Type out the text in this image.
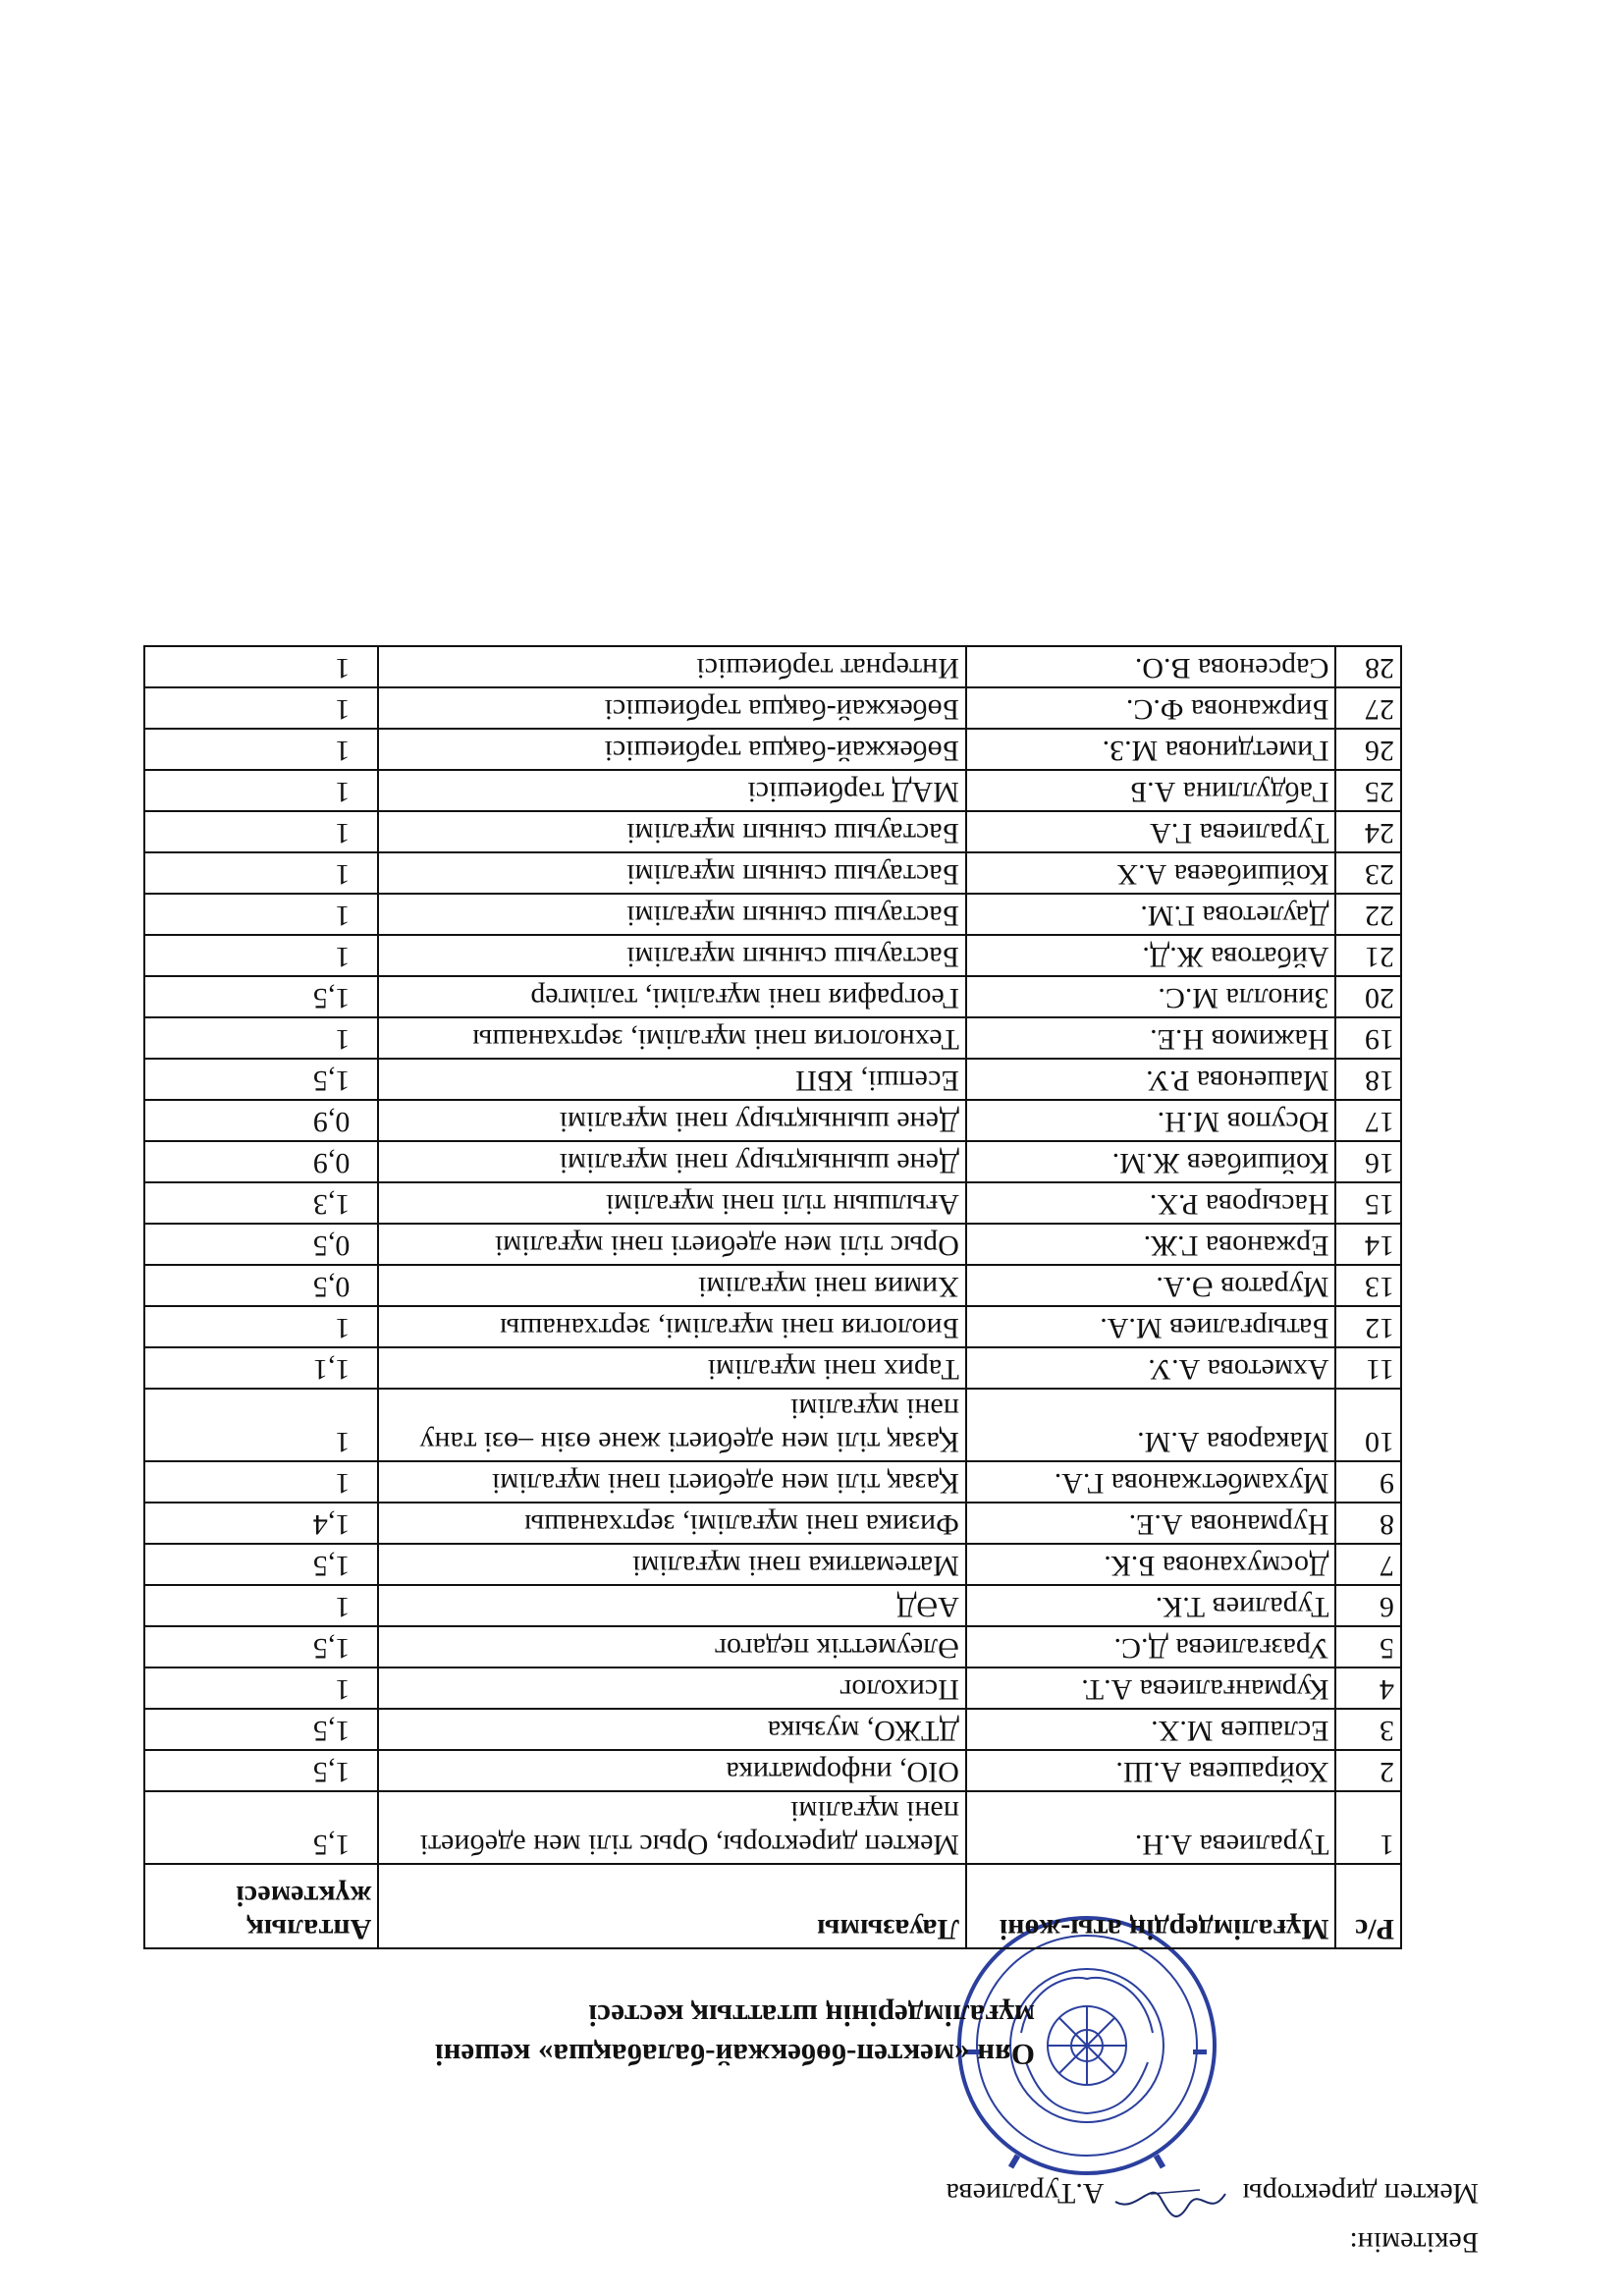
Бекітемін:
Мектеп директоры  А.Туралиева
Оян «мектеп-бөбекжай-балабақша» кешені
мұғалімдерінің штаттық кестесі
Р/с	Мұғалімдердің аты-жөні	Лауазымы	Апталық жүктемесі
1	Туралиева А.Н.	Мектеп директоры, Орыс тілі мен әдебиеті пәні мұғалімі	1,5
2	Хойрашева А.Ш.	ОІО, информатика	1,5
3	Еслашев М.Х.	ДТЖО, музыка	1,5
4	Курманғалиева А.Т.	Психолог	1
5	Уразғалиева Д.С.	Әлеуметтік педагог	1,5
6	Туралиев Т.К.	АӘД	1
7	Досмуханова Б.К.	Математика пәні мұғалімі	1,5
8	Нурманова А.Е.	Физика пәні мұғалімі, зертханашы	1,4
9	Мухамбетжанова Г.А.	Қазақ тілі мен әдебиеті пәні мұғалімі	1
10	Макарова А.М.	Қазақ тілі мен әдебиеті және өзін –өзі тану пәні мұғалімі	1
11	Ахметова А.У.	Тарих пәні мұғалімі	1,1
12	Батырғалиев М.А.	Биология пәні мұғалімі, зертханашы	1
13	Муратов Ә.А.	Химия пәні мұғалімі	0,5
14	Ержанова Г.Ж.	Орыс тілі мен әдебиеті пәні мұғалімі	0,5
15	Насырова Р.Х.	Ағылшын тілі пәні мұғалімі	1,3
16	Койшибаев Ж.М.	Дене шынықтыру пәні мұғалімі	0,9
17	Юсупов М.Н.	Дене шынықтыру пәні мұғалімі	0,9
18	Машенова Р.У.	Есепші, КБП	1,5
19	Нажимов Н.Е.	Технология пәні мұғалімі, зертханашы	1
20	Зинолла М.С.	География пәні мұғалімі, тәлімгер	1,5
21	Айбатова Ж.Д.	Бастауыш сынып мұғалімі	1
22	Даулетова Г.М.	Бастауыш сынып мұғалімі	1
23	Койшибаева А.Х	Бастауыш сынып мұғалімі	1
24	Туралиева Г.А	Бастауыш сынып мұғалімі	1
25	Габдуллина А.Б	МАД тәрбиешісі	1
26	Гиметдинова М.З.	Бөбекжай-бақша тәрбиешісі	1
27	Биржанова Ф.С.	Бөбекжай-бақша тәрбиешісі	1
28	Сарсенова В.О.	Интернат тәрбиешісі	1
